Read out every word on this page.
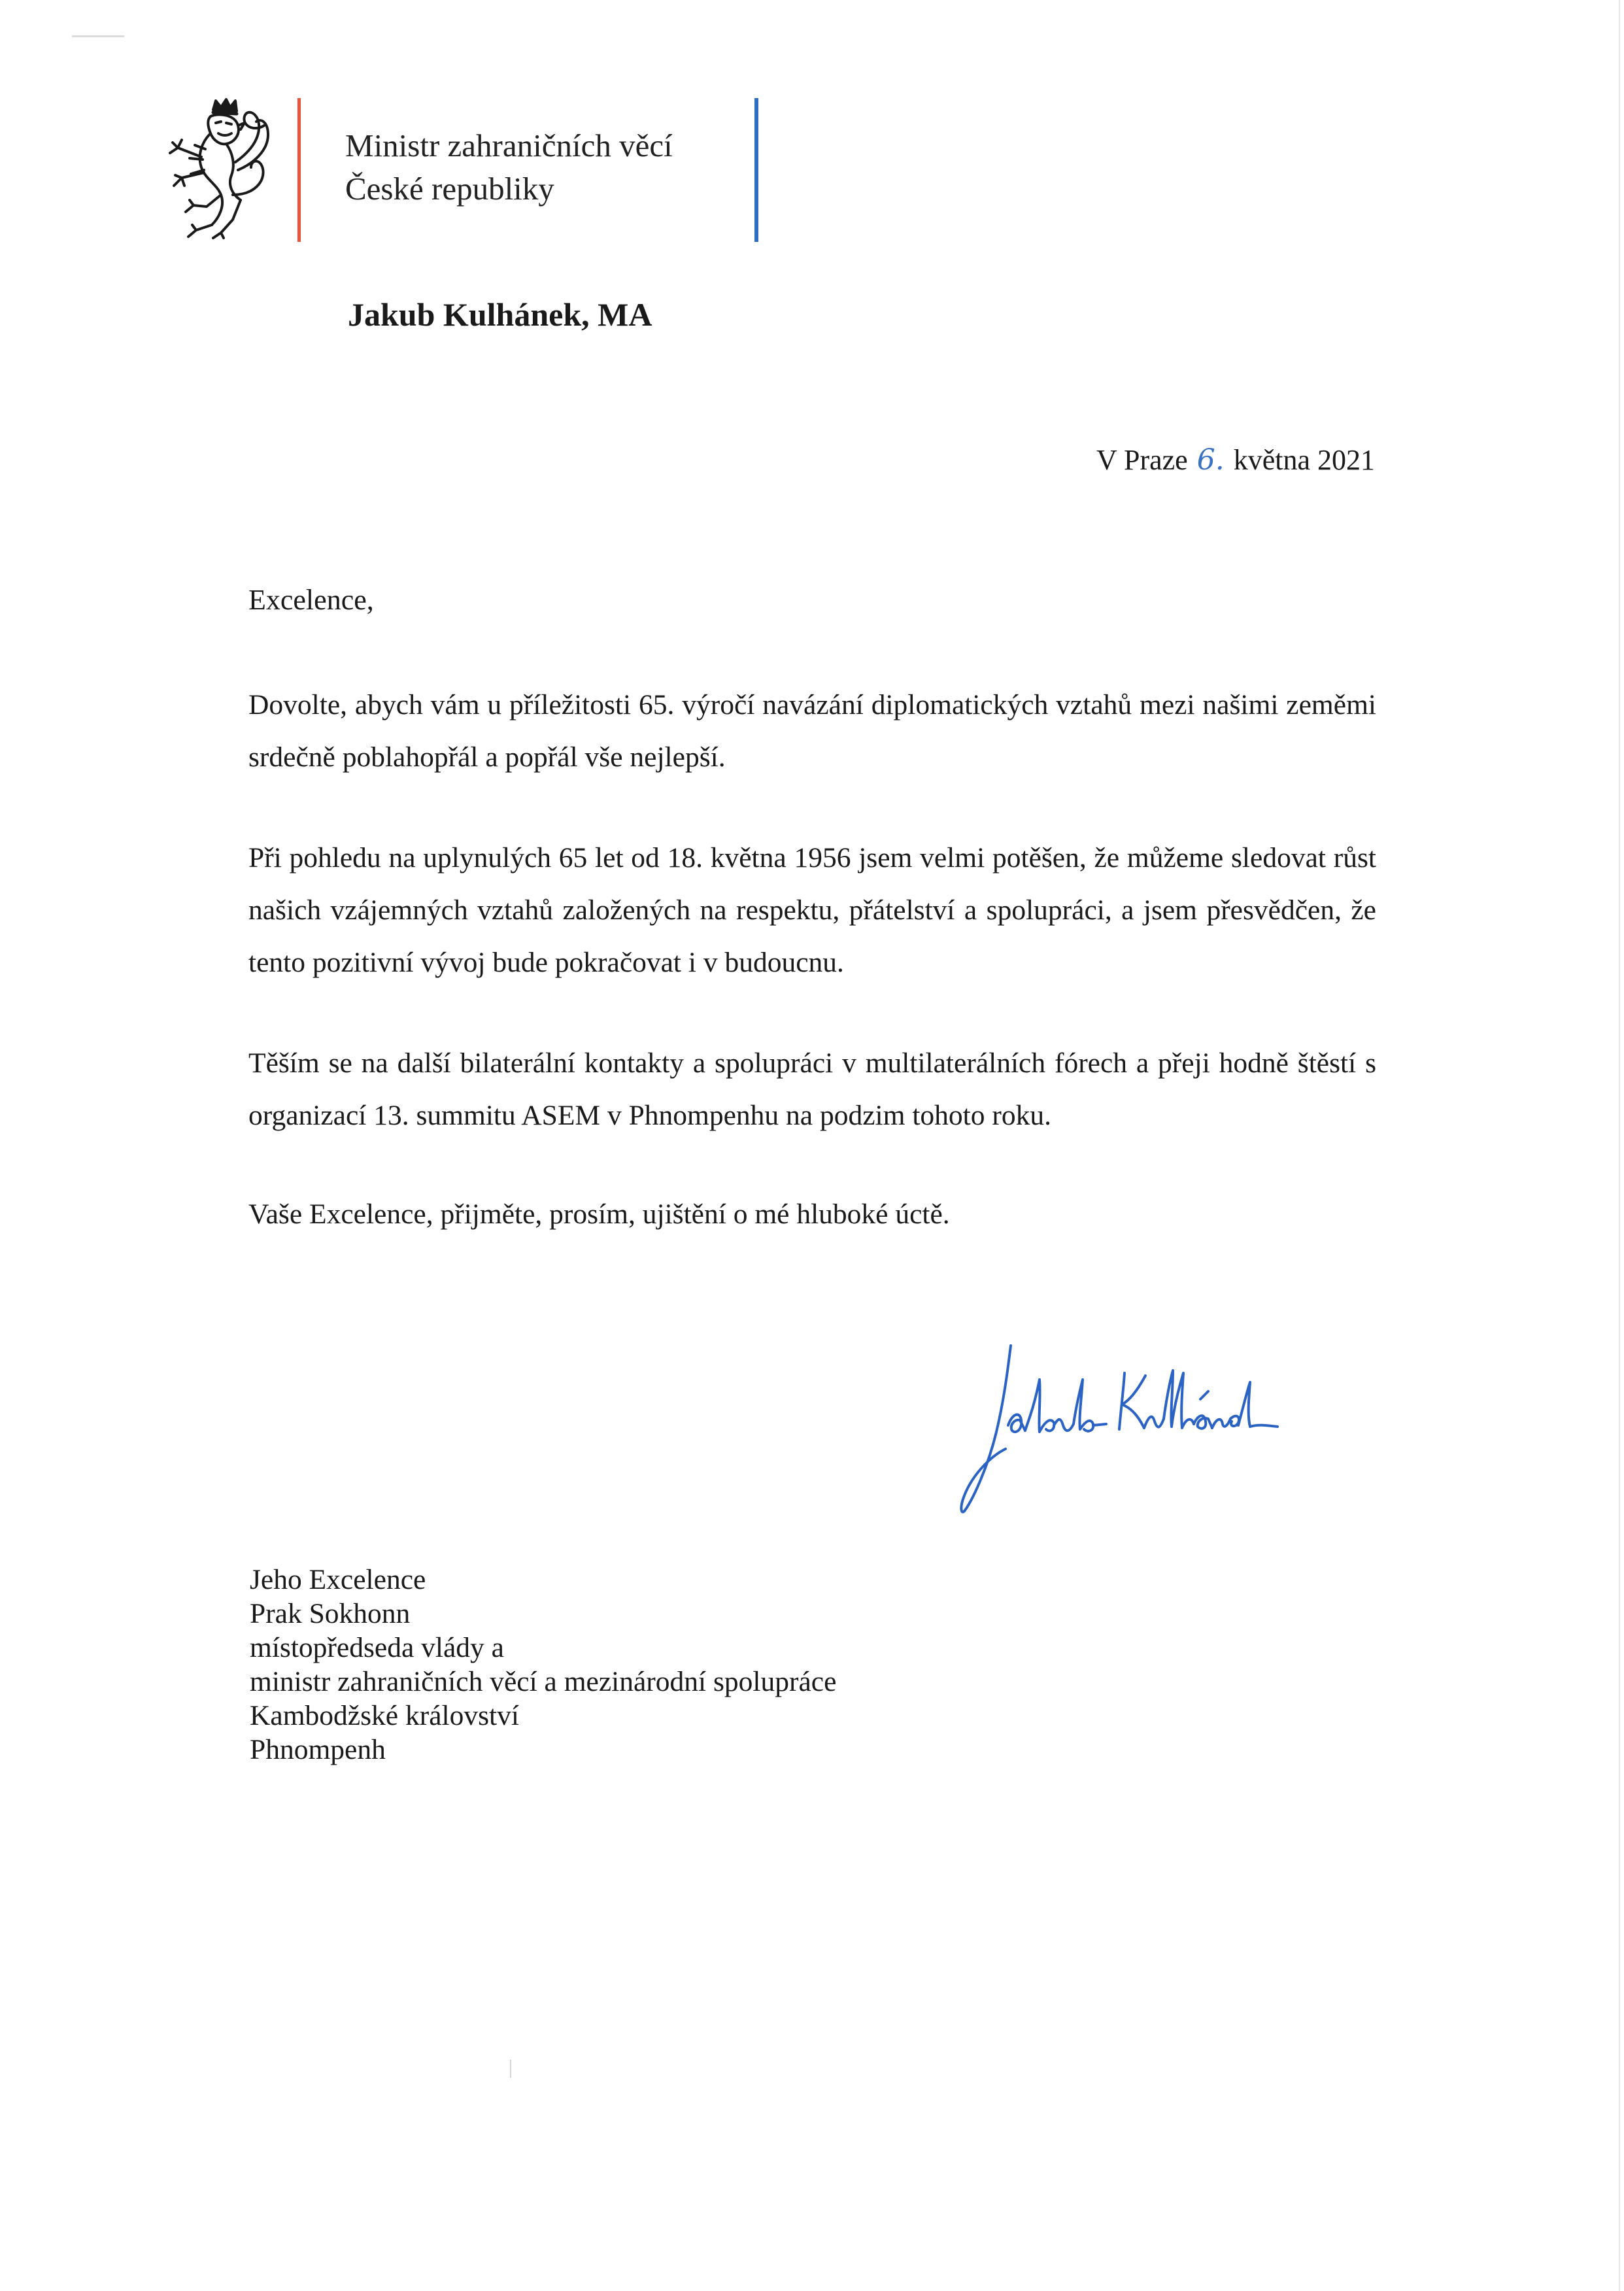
Ministr zahraničních věcí
České republiky
Jakub Kulhánek, MA
V Praze 6. května 2021
Excelence,
Dovolte, abych vám u příležitosti 65. výročí navázání diplomatických vztahů mezi našimi zeměmi srdečně poblahopřál a popřál vše nejlepší.
Při pohledu na uplynulých 65 let od 18. května 1956 jsem velmi potěšen, že můžeme sledovat růst našich vzájemných vztahů založených na respektu, přátelství a spolupráci, a jsem přesvědčen, že tento pozitivní vývoj bude pokračovat i v budoucnu.
Těším se na další bilaterální kontakty a spolupráci v multilaterálních fórech a přeji hodně štěstí s organizací 13. summitu ASEM v Phnompenhu na podzim tohoto roku.
Vaše Excelence, přijměte, prosím, ujištění o mé hluboké úctě.
Jeho Excelence
Prak Sokhonn
místopředseda vlády a
ministr zahraničních věcí a mezinárodní spolupráce
Kambodžské království
Phnompenh
